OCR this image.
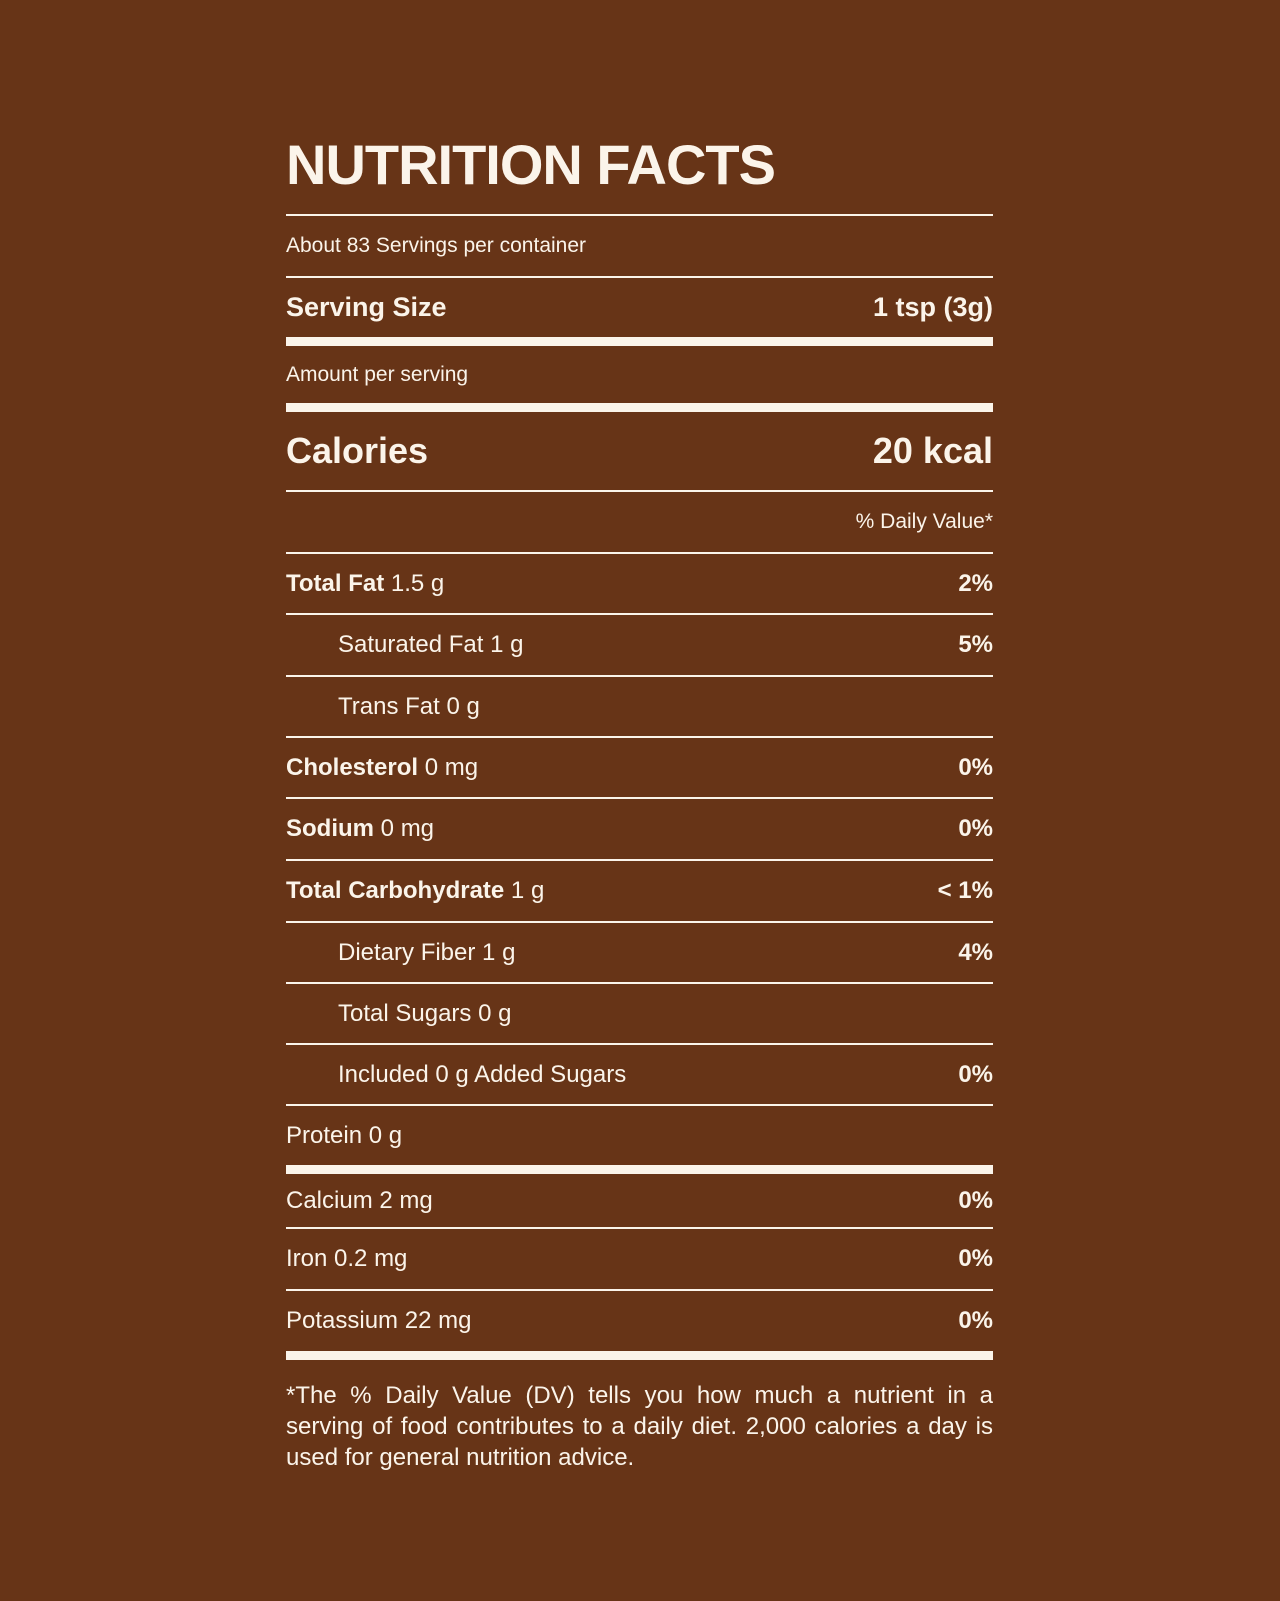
NUTRITION FACTS
About 83 Servings per container
Serving Size	1 tsp (3g)
Amount per serving
Calories	20 kcal
% Daily Value*
Total Fat 1.5 g	2%
Saturated Fat 1 g	5%
Trans Fat 0 g
Cholesterol 0 mg	0%
Sodium 0 mg	0%
Total Carbohydrate 1 g	< 1%
Dietary Fiber 1 g	4%
Total Sugars 0 g
Included 0 g Added Sugars	0%
Protein 0 g
Calcium 2 mg	0%
Iron 0.2 mg	0%
Potassium 22 mg	0%
*The % Daily Value (DV) tells you how much a nutrient in a serving of food contributes to a daily diet. 2,000 calories a day is used for general nutrition advice.
